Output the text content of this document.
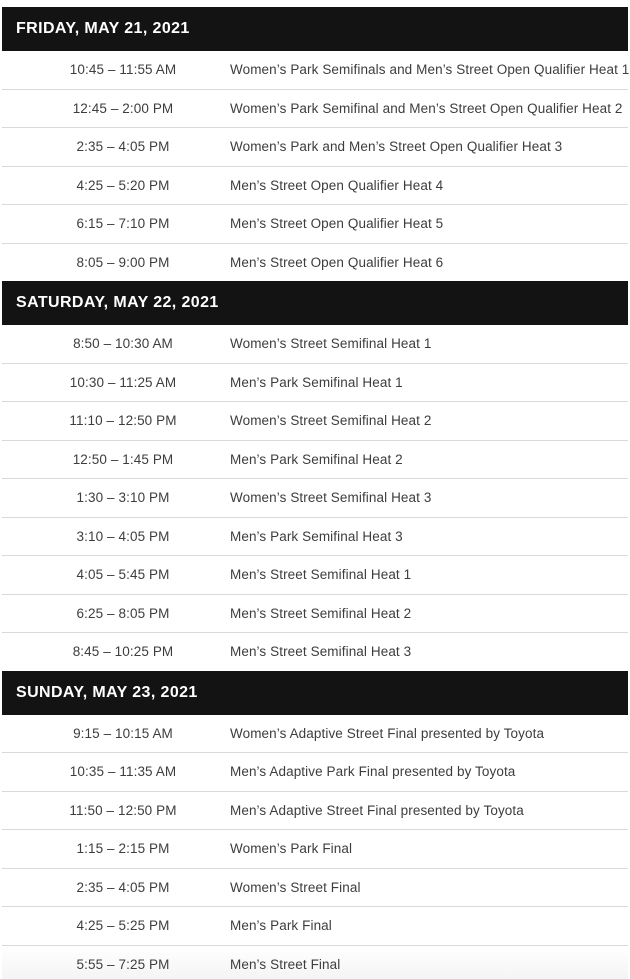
FRIDAY, MAY 21, 2021
10:45 – 11:55 AM	Women’s Park Semifinals and Men’s Street Open Qualifier Heat 1
12:45 – 2:00 PM	Women’s Park Semifinal and Men’s Street Open Qualifier Heat 2
2:35 – 4:05 PM	Women’s Park and Men’s Street Open Qualifier Heat 3
4:25 – 5:20 PM	Men’s Street Open Qualifier Heat 4
6:15 – 7:10 PM	Men’s Street Open Qualifier Heat 5
8:05 – 9:00 PM	Men’s Street Open Qualifier Heat 6
SATURDAY, MAY 22, 2021
8:50 – 10:30 AM	Women’s Street Semifinal Heat 1
10:30 – 11:25 AM	Men’s Park Semifinal Heat 1
11:10 – 12:50 PM	Women’s Street Semifinal Heat 2
12:50 – 1:45 PM	Men’s Park Semifinal Heat 2
1:30 – 3:10 PM	Women’s Street Semifinal Heat 3
3:10 – 4:05 PM	Men’s Park Semifinal Heat 3
4:05 – 5:45 PM	Men’s Street Semifinal Heat 1
6:25 – 8:05 PM	Men’s Street Semifinal Heat 2
8:45 – 10:25 PM	Men’s Street Semifinal Heat 3
SUNDAY, MAY 23, 2021
9:15 – 10:15 AM	Women’s Adaptive Street Final presented by Toyota
10:35 – 11:35 AM	Men’s Adaptive Park Final presented by Toyota
11:50 – 12:50 PM	Men’s Adaptive Street Final presented by Toyota
1:15 – 2:15 PM	Women’s Park Final
2:35 – 4:05 PM	Women’s Street Final
4:25 – 5:25 PM	Men’s Park Final
5:55 – 7:25 PM	Men’s Street Final
